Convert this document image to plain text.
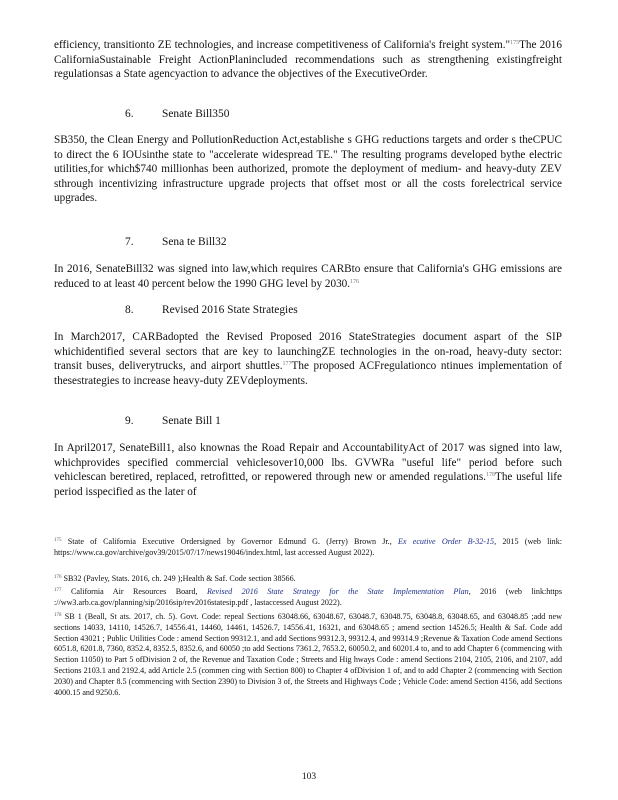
efficiency, transitionto ZE technologies, and increase competitiveness of California's freight system."$^{175}$The 2016 CaliforniaSustainable Freight ActionPlanincluded recommendations such as strengthening existingfreight regulationsas a State agencyaction to advance the objectives of the ExecutiveOrder.

6. Senate Bill350

SB350, the Clean Energy and PollutionReduction Act,establishe s GHG reductions targets and order s theCPUC to direct the 6 IOUsinthe state to "accelerate widespread TE." The resulting programs developed bythe electric utilities,for which$740 millionhas been authorized, promote the deployment of medium- and heavy-duty ZEV sthrough incentivizing infrastructure upgrade projects that offset most or all the costs forelectrical service upgrades.

7. Sena te Bill32

In 2016, SenateBill32 was signed into law,which requires CARBto ensure that California's GHG emissions are reduced to at least 40 percent below the 1990 GHG level by 2030.$^{176}$

8. Revised 2016 State Strategies

In March2017, CARBadopted the Revised Proposed 2016 StateStrategies document aspart of the SIP whichidentified several sectors that are key to launchingZE technologies in the on-road, heavy-duty sector: transit buses, deliverytrucks, and airport shuttles.$^{177}$The proposed ACFregulationco ntinues implementation of thesestrategies to increase heavy-duty ZEVdeployments.

9. Senate Bill 1

In April2017, SenateBill1, also knownas the Road Repair and AccountabilityAct of 2017 was signed into law, whichprovides specified commercial vehiclesover10,000 lbs. GVWRa "useful life" period before such vehiclescan beretired, replaced, retrofitted, or repowered through new or amended regulations.$^{178}$The useful life period isspecified as the later of

$^{175}$ State of California Executive Ordersigned by Governor Edmund G. (Jerry) Brown Jr., Ex ecutive Order B-32-15, 2015 (web link: https://www.ca.gov/archive/gov39/2015/07/17/news19046/index.html, last accessed August 2022).

$^{176}$ SB32 (Pavley, Stats. 2016, ch. 249 );Health & Saf. Code section 38566.

$^{177}$ California Air Resources Board, Revised 2016 State Strategy for the State Implementation Plan, 2016 (web link:https ://ww3.arb.ca.gov/planning/sip/2016sip/rev2016statesip.pdf , lastaccessed August 2022).

$^{178}$ SB 1 (Beall, St ats. 2017, ch. 5). Govt. Code: repeal Sections 63048.66, 63048.67, 63048.7, 63048.75, 63048.8, 63048.65, and 63048.85 ;add new sections 14033, 14110, 14526.7, 14556.41, 14460, 14461, 14526.7, 14556.41, 16321, and 63048.65 ; amend section 14526.5; Health & Saf. Code add Section 43021 ; Public Utilities Code : amend Section 99312.1, and add Sections 99312.3, 99312.4, and 99314.9 ;Revenue & Taxation Code amend Sections 6051.8, 6201.8, 7360, 8352.4, 8352.5, 8352.6, and 60050 ;to add Sections 7361.2, 7653.2, 60050.2, and 60201.4 to, and to add Chapter 6 (commencing with Section 11050) to Part 5 ofDivision 2 of, the Revenue and Taxation Code ; Streets and Hig hways Code : amend Sections 2104, 2105, 2106, and 2107, add Sections 2103.1 and 2192.4, add Article 2.5 (commen cing with Section 800) to Chapter 4 ofDivision 1 of, and to add Chapter 2 (commencing with Section 2030) and Chapter 8.5 (commencing with Section 2390) to Division 3 of, the Streets and Highways Code ; Vehicle Code: amend Section 4156, add Sections 4000.15 and 9250.6.

103
